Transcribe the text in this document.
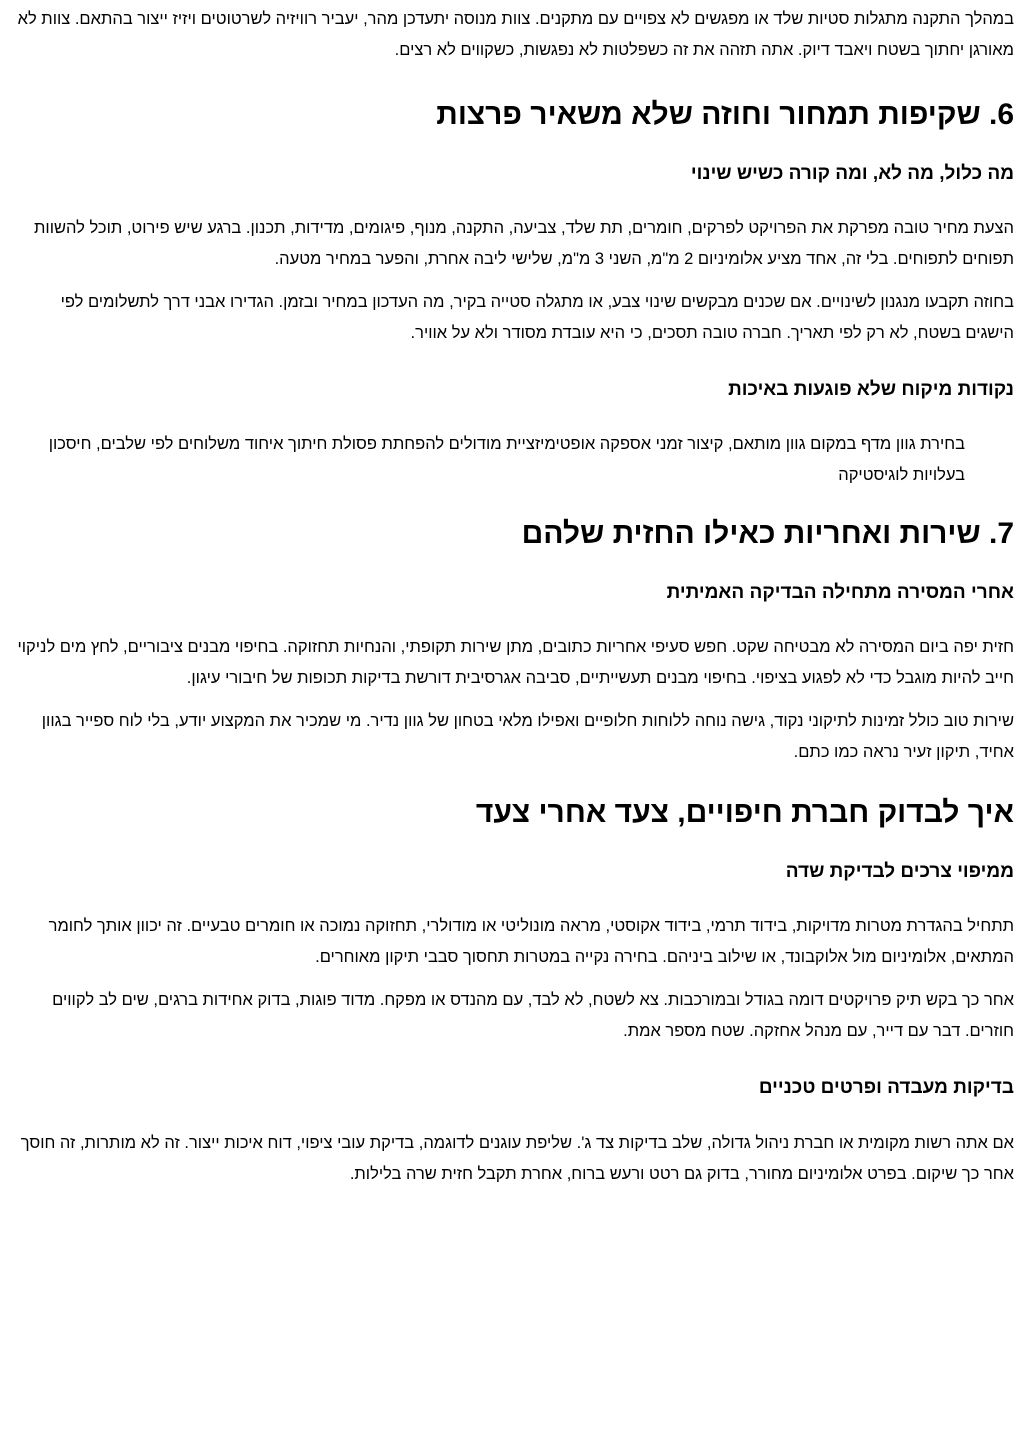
במהלך התקנה מתגלות סטיות שלד או מפגשים לא צפויים עם מתקנים. צוות מנוסה יתעדכן מהר, יעביר רוויזיה לשרטוטים ויזיז ייצור בהתאם. צוות לא מאורגן יחתוך בשטח ויאבד דיוק. אתה תזהה את זה כשפלטות לא נפגשות, כשקווים לא רצים.

6. שקיפות תמחור וחוזה שלא משאיר פרצות
מה כלול, מה לא, ומה קורה כשיש שינוי

הצעת מחיר טובה מפרקת את הפרויקט לפרקים, חומרים, תת שלד, צביעה, התקנה, מנוף, פיגומים, מדידות, תכנון. ברגע שיש פירוט, תוכל להשוות תפוחים לתפוחים. בלי זה, אחד מציע אלומיניום 2 מ"מ, השני 3 מ"מ, שלישי ליבה אחרת, והפער במחיר מטעה.

בחוזה תקבעו מנגנון לשינויים. אם שכנים מבקשים שינוי צבע, או מתגלה סטייה בקיר, מה העדכון במחיר ובזמן. הגדירו אבני דרך לתשלומים לפי הישגים בשטח, לא רק לפי תאריך. חברה טובה תסכים, כי היא עובדת מסודר ולא על אוויר.

נקודות מיקוח שלא פוגעות באיכות

בחירת גוון מדף במקום גוון מותאם, קיצור זמני אספקה אופטימיזציית מודולים להפחתת פסולת חיתוך איחוד משלוחים לפי שלבים, חיסכון בעלויות לוגיסטיקה

7. שירות ואחריות כאילו החזית שלהם
אחרי המסירה מתחילה הבדיקה האמיתית

חזית יפה ביום המסירה לא מבטיחה שקט. חפש סעיפי אחריות כתובים, מתן שירות תקופתי, והנחיות תחזוקה. בחיפוי מבנים ציבוריים, לחץ מים לניקוי חייב להיות מוגבל כדי לא לפגוע בציפוי. בחיפוי מבנים תעשייתיים, סביבה אגרסיבית דורשת בדיקות תכופות של חיבורי עיגון.

שירות טוב כולל זמינות לתיקוני נקוד, גישה נוחה ללוחות חלופיים ואפילו מלאי בטחון של גוון נדיר. מי שמכיר את המקצוע יודע, בלי לוח ספייר בגוון אחיד, תיקון זעיר נראה כמו כתם.

איך לבדוק חברת חיפויים, צעד אחרי צעד
ממיפוי צרכים לבדיקת שדה

תתחיל בהגדרת מטרות מדויקות, בידוד תרמי, בידוד אקוסטי, מראה מונוליטי או מודולרי, תחזוקה נמוכה או חומרים טבעיים. זה יכוון אותך לחומר המתאים, אלומיניום מול אלוקבונד, או שילוב ביניהם. בחירה נקייה במטרות תחסוך סבבי תיקון מאוחרים.

אחר כך בקש תיק פרויקטים דומה בגודל ובמורכבות. צא לשטח, לא לבד, עם מהנדס או מפקח. מדוד פוגות, בדוק אחידות ברגים, שים לב לקווים חוזרים. דבר עם דייר, עם מנהל אחזקה. שטח מספר אמת.

בדיקות מעבדה ופרטים טכניים

אם אתה רשות מקומית או חברת ניהול גדולה, שלב בדיקות צד ג'. שליפת עוגנים לדוגמה, בדיקת עובי ציפוי, דוח איכות ייצור. זה לא מותרות, זה חוסך אחר כך שיקום. בפרט אלומיניום מחורר, בדוק גם רטט ורעש ברוח, אחרת תקבל חזית שרה בלילות.
